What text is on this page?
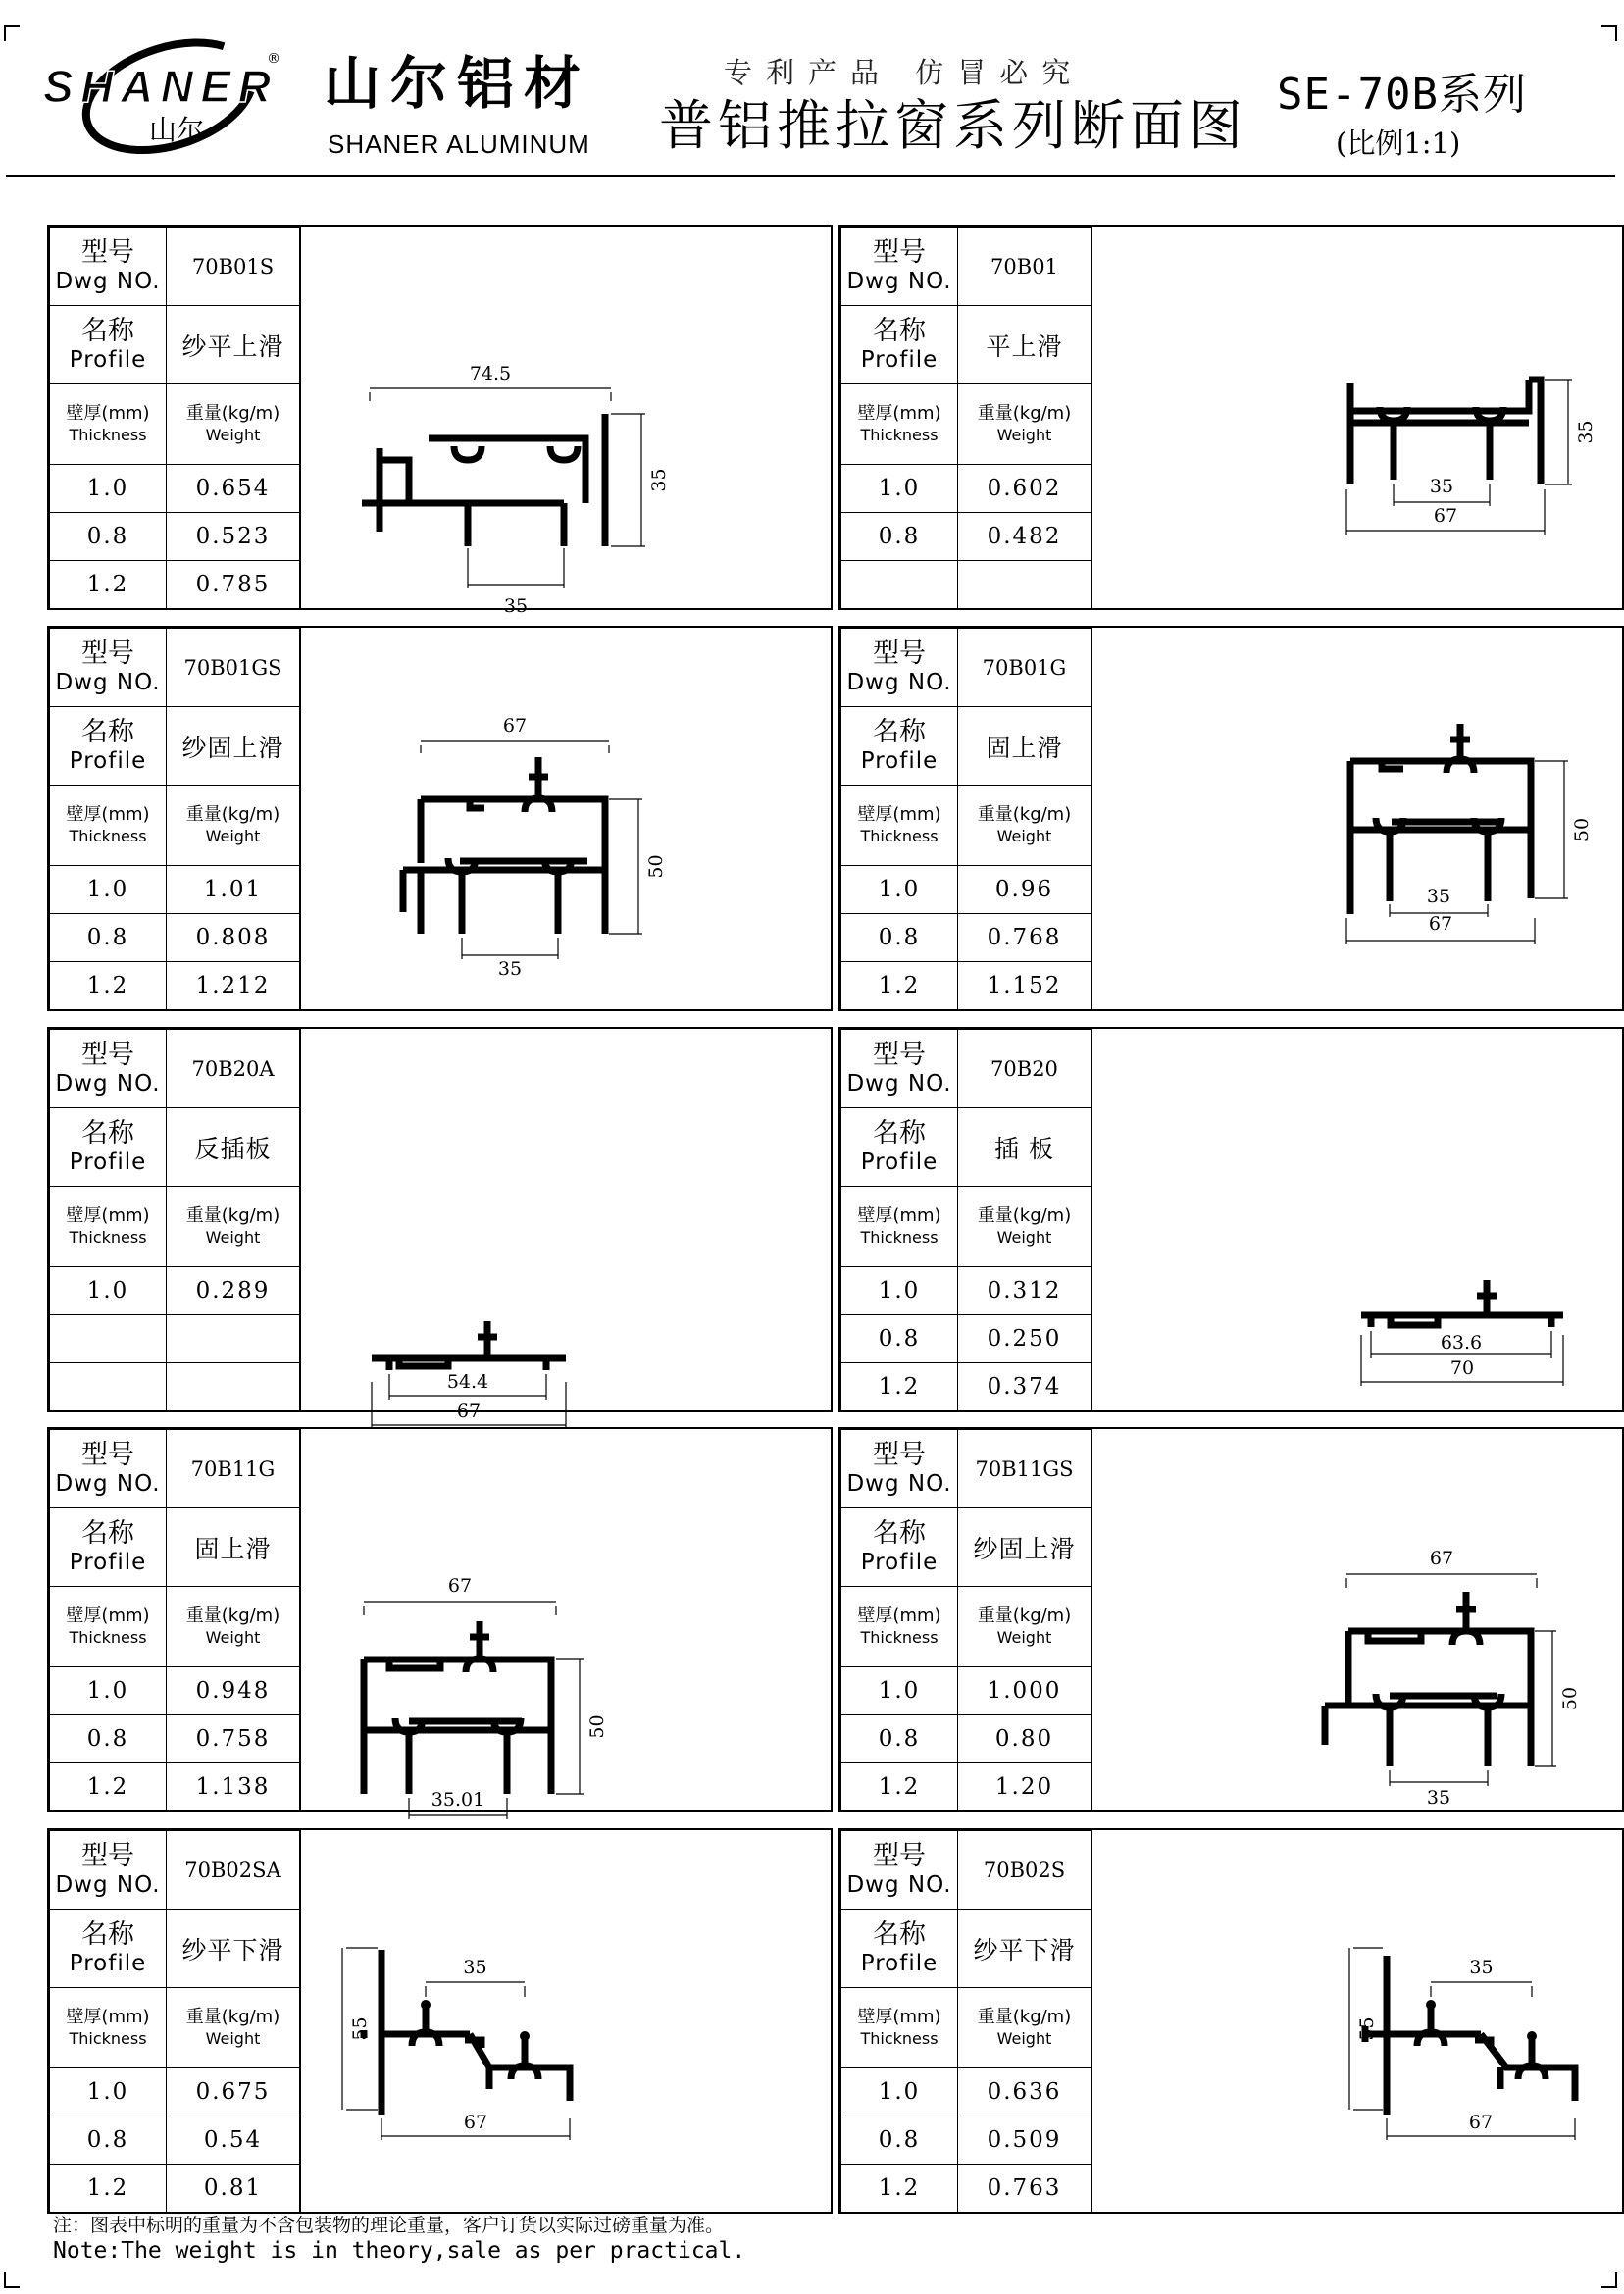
SHANER
®
山尔
山尔铝材
SHANER ALUMINUM
专利产品 仿冒必究
普铝推拉窗系列断面图 SE-70B系列
(比例1:1)
型号
Dwg NO.	70B01S

名称
Profile	纱平上滑

壁厚(mm)
Thickness	重量(kg/m)
Weight

1.0	0.654
0.8	0.523
1.2	0.785
74.5
35
35
型号
Dwg NO.	70B01

名称
Profile	平上滑

壁厚(mm)
Thickness	重量(kg/m)
Weight

1.0	0.602
0.8	0.482

35
35
67
型号
Dwg NO.	70B01GS

名称
Profile	纱固上滑

壁厚(mm)
Thickness	重量(kg/m)
Weight

1.0	1.01
0.8	0.808
1.2	1.212
67
50
35
型号
Dwg NO.	70B01G

名称
Profile	固上滑

壁厚(mm)
Thickness	重量(kg/m)
Weight

1.0	0.96
0.8	0.768
1.2	1.152
50
35
67
型号
Dwg NO.	70B20A

名称
Profile	反插板

壁厚(mm)
Thickness	重量(kg/m)
Weight

1.0	0.289

54.4
67
型号
Dwg NO.	70B20

名称
Profile	插 板

壁厚(mm)
Thickness	重量(kg/m)
Weight

1.0	0.312
0.8	0.250
1.2	0.374
63.6
70
型号
Dwg NO.	70B11G

名称
Profile	固上滑

壁厚(mm)
Thickness	重量(kg/m)
Weight

1.0	0.948
0.8	0.758
1.2	1.138
67
50
35.01
型号
Dwg NO.	70B11GS

名称
Profile	纱固上滑

壁厚(mm)
Thickness	重量(kg/m)
Weight

1.0	1.000
0.8	0.80
1.2	1.20
67
50
35
型号
Dwg NO.	70B02SA

名称
Profile	纱平下滑

壁厚(mm)
Thickness	重量(kg/m)
Weight

1.0	0.675
0.8	0.54
1.2	0.81
35
55
67
型号
Dwg NO.	70B02S

名称
Profile	纱平下滑

壁厚(mm)
Thickness	重量(kg/m)
Weight

1.0	0.636
0.8	0.509
1.2	0.763
35
55
67
注：图表中标明的重量为不含包装物的理论重量，客户订货以实际过磅重量为准。
Note:The weight is in theory,sale as per practical.
